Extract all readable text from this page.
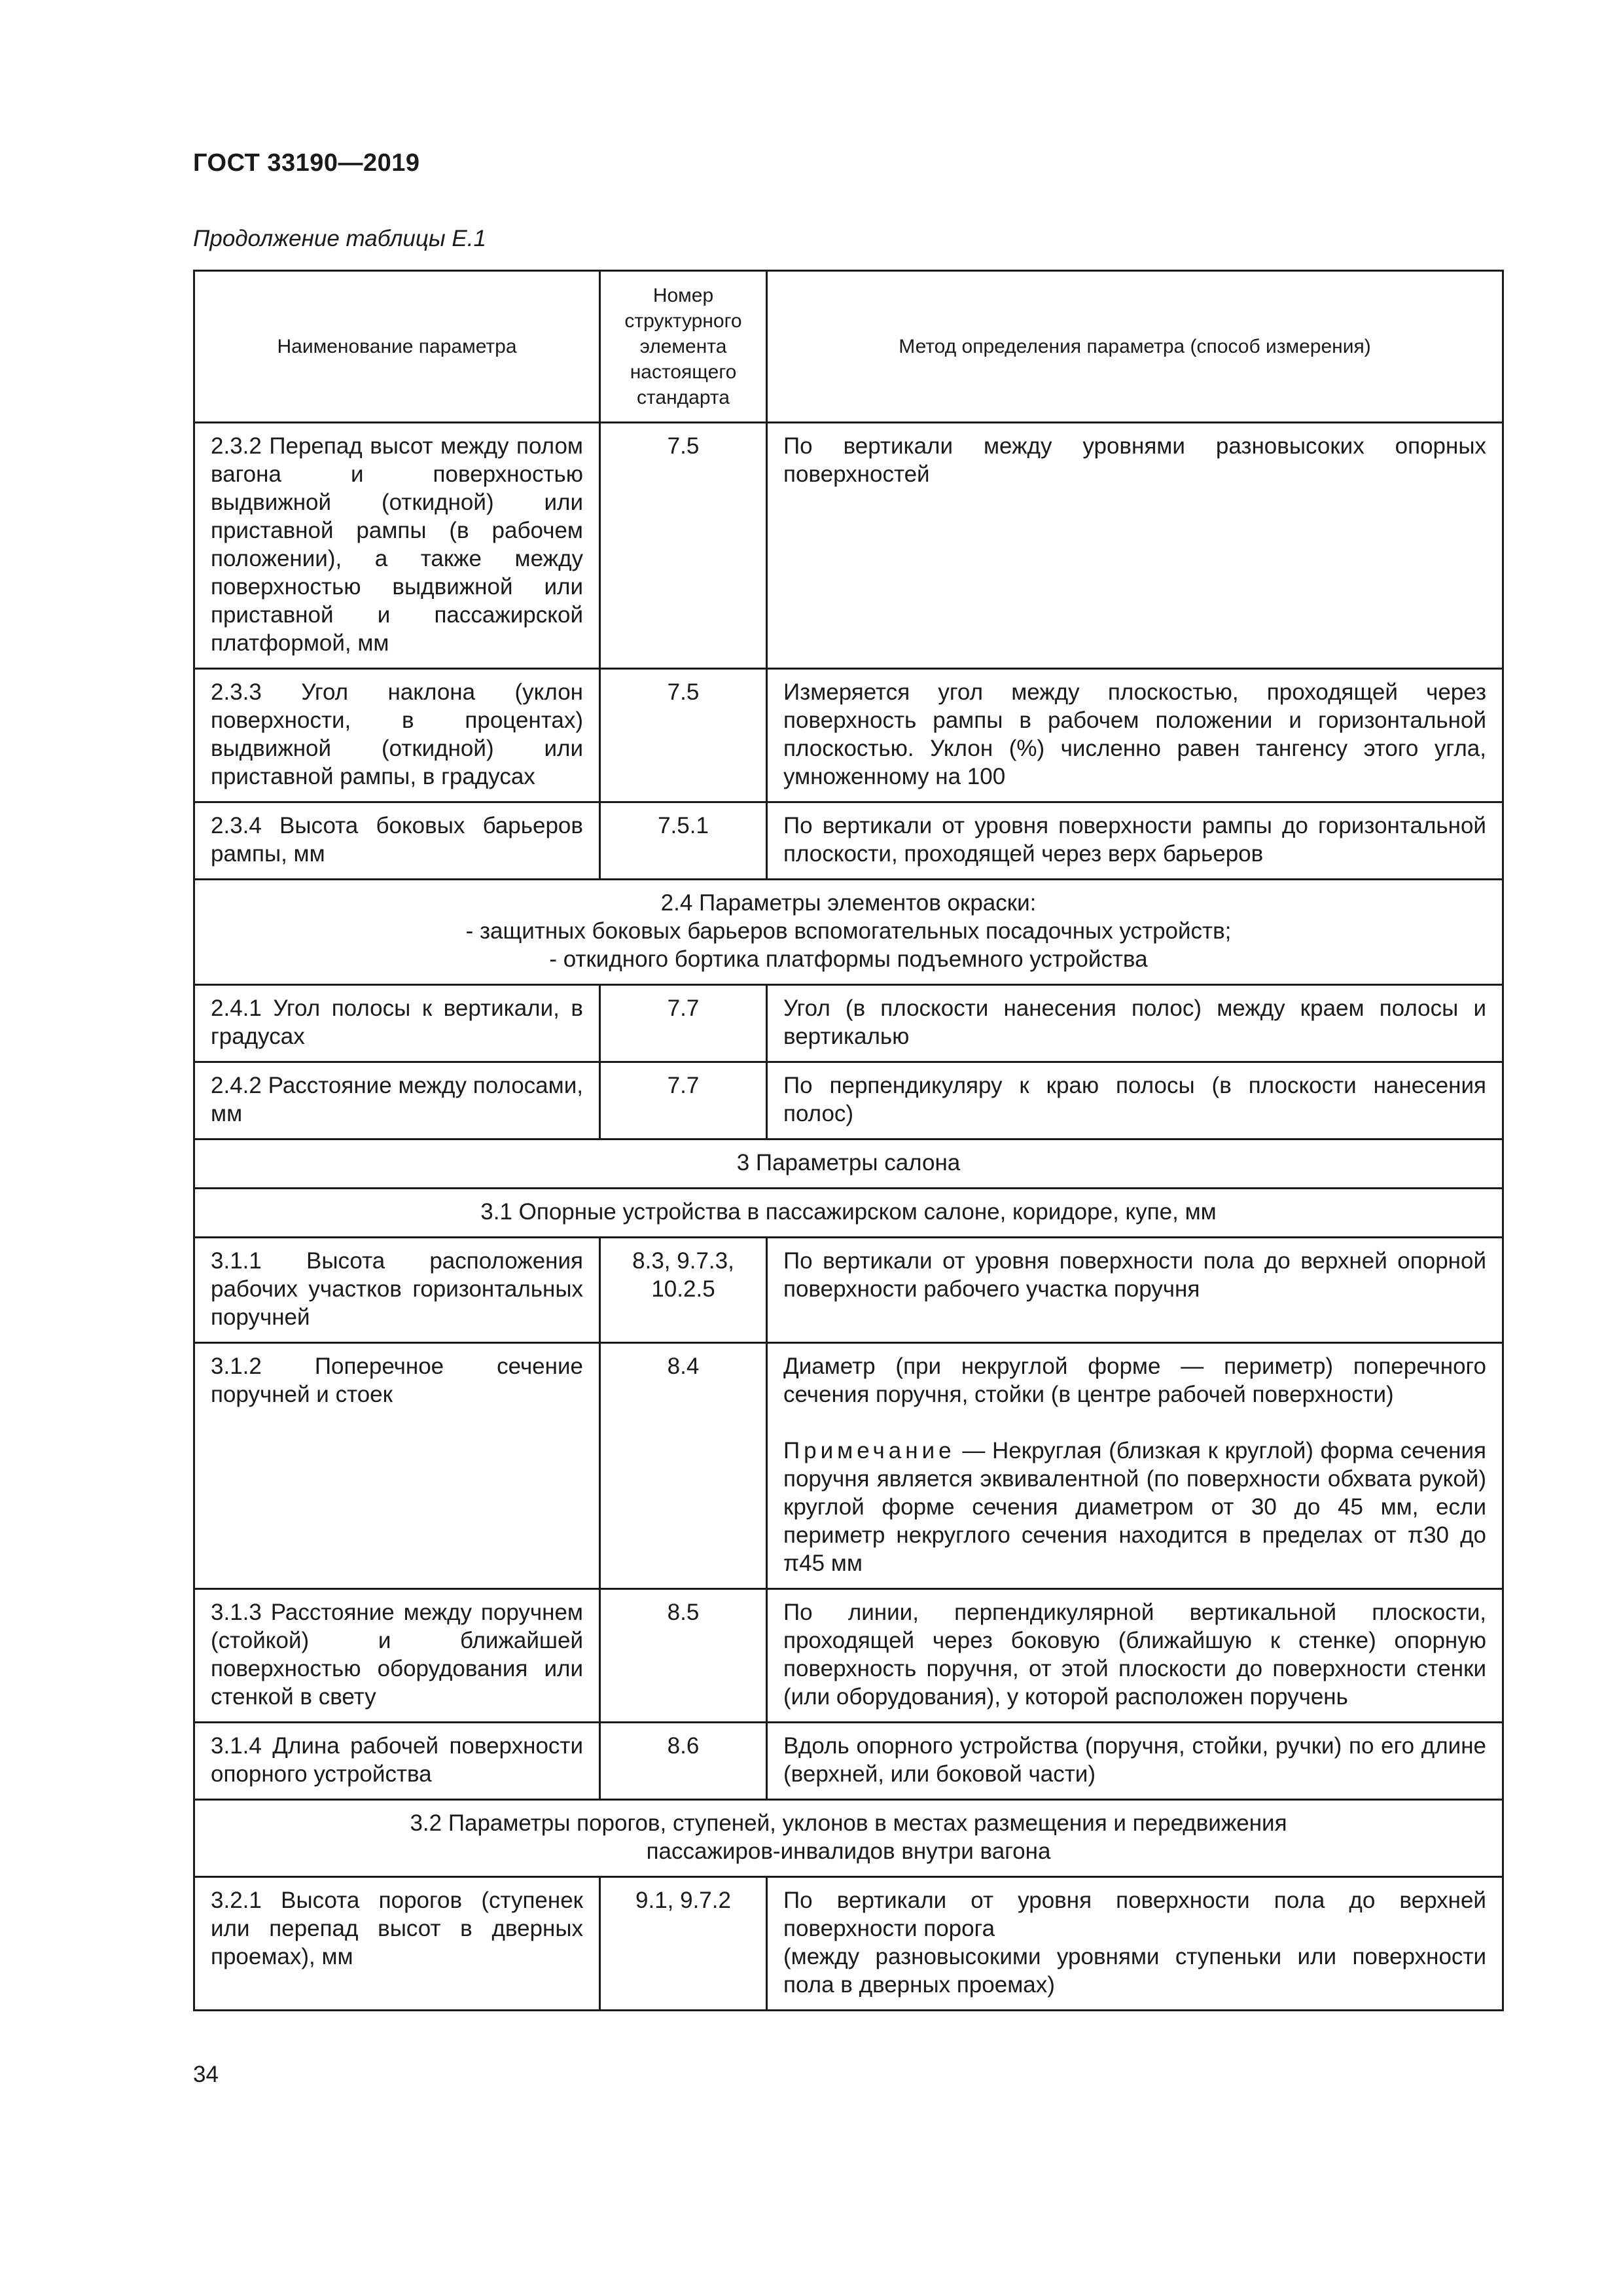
ГОСТ 33190—2019
Продолжение таблицы Е.1
Наименование параметра	Номер структурного элемента настоящего стандарта	Метод определения параметра (способ измерения)
2.3.2 Перепад высот между полом вагона и поверхностью выдвижной (откидной) или приставной рампы (в рабочем положении), а также между поверхностью выдвижной или приставной и пассажирской платформой, мм	7.5	По вертикали между уровнями разновысоких опорных поверхностей
2.3.3 Угол наклона (уклон поверхности, в процентах) выдвижной (откидной) или приставной рампы, в градусах	7.5	Измеряется угол между плоскостью, проходящей через поверхность рампы в рабочем положении и горизонтальной плоскостью. Уклон (%) численно равен тангенсу этого угла, умноженному на 100
2.3.4 Высота боковых барьеров рампы, мм	7.5.1	По вертикали от уровня поверхности рампы до горизонтальной плоскости, проходящей через верх барьеров

2.4 Параметры элементов окраски:
- защитных боковых барьеров вспомогательных посадочных устройств;
- откидного бортика платформы подъемного устройства		

2.4.1 Угол полосы к вертикали, в градусах	7.7	Угол (в плоскости нанесения полос) между краем полосы и вертикалью
2.4.2 Расстояние между полосами, мм	7.7	По перпендикуляру к краю полосы (в плоскости нанесения полос)
3 Параметры салона		
3.1 Опорные устройства в пассажирском салоне, коридоре, купе, мм		
3.1.1 Высота расположения рабочих участков горизонтальных поручней	8.3, 9.7.3, 10.2.5	По вертикали от уровня поверхности пола до верхней опорной поверхности рабочего участка поручня
3.1.2 Поперечное сечение поручней и стоек	8.4	Диаметр (при некруглой форме — периметр) поперечного сечения поручня, стойки (в центре рабочей поверхности)
Примечание — Некруглая (близкая к круглой) форма сечения поручня является эквивалентной (по поверхности обхвата рукой) круглой форме сечения диаметром от 30 до 45 мм, если периметр некруглого сечения находится в пределах от π30 до π45 мм
3.1.3 Расстояние между поручнем (стойкой) и ближайшей поверхностью оборудования или стенкой в свету	8.5	По линии, перпендикулярной вертикальной плоскости, проходящей через боковую (ближайшую к стенке) опорную поверхность поручня, от этой плоскости до поверхности стенки (или оборудования), у которой расположен поручень
3.1.4 Длина рабочей поверхности опорного устройства	8.6	Вдоль опорного устройства (поручня, стойки, ручки) по его длине (верхней, или боковой части)

3.2 Параметры порогов, ступеней, уклонов в местах размещения и передвижения
пассажиров-инвалидов внутри вагона		

3.2.1 Высота порогов (ступенек или перепад высот в дверных проемах), мм	9.1, 9.7.2	По вертикали от уровня поверхности пола до верхней поверхности порога
(между разновысокими уровнями ступеньки или поверхности пола в дверных проемах)
34
